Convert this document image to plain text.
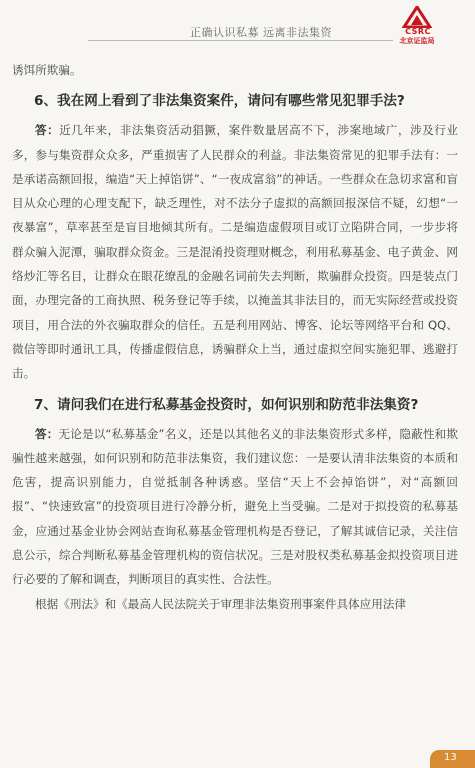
正确认识私募 远离非法集资	CSRC
北京证监局

诱饵所欺骗。

6、我在网上看到了非法集资案件，请问有哪些常见犯罪手法?

答：近几年来，非法集资活动猖獗，案件数量居高不下，涉案地域广，涉及行业多，参与集资群众众多，严重损害了人民群众的利益。非法集资常见的犯罪手法有：一是承诺高额回报，编造“天上掉馅饼”、“一夜成富翁”的神话。一些群众在急切求富和盲目从众心理的心理支配下，缺乏理性，对不法分子虚拟的高额回报深信不疑，幻想“一夜暴富”，草率甚至是盲目地倾其所有。二是编造虚假项目或订立陷阱合同，一步步将群众骗入泥潭，骗取群众资金。三是混淆投资理财概念，利用私募基金、电子黄金、网络炒汇等名目，让群众在眼花缭乱的金融名词前失去判断，欺骗群众投资。四是装点门面，办理完备的工商执照、税务登记等手续，以掩盖其非法目的，而无实际经营或投资项目，用合法的外衣骗取群众的信任。五是利用网站、博客、论坛等网络平台和 QQ、微信等即时通讯工具，传播虚假信息，诱骗群众上当，通过虚拟空间实施犯罪、逃避打击。

7、请问我们在进行私募基金投资时，如何识别和防范非法集资?

答：无论是以“私募基金”名义，还是以其他名义的非法集资形式多样，隐蔽性和欺骗性越来越强，如何识别和防范非法集资，我们建议您：一是要认清非法集资的本质和危害，提高识别能力，自觉抵制各种诱惑。坚信“天上不会掉馅饼”，对“高额回报”、“快速致富”的投资项目进行冷静分析，避免上当受骗。二是对于拟投资的私募基金，应通过基金业协会网站查询私募基金管理机构是否登记，了解其诚信记录，关注信息公示，综合判断私募基金管理机构的资信状况。三是对股权类私募基金拟投资项目进行必要的了解和调查，判断项目的真实性、合法性。

根据《刑法》和《最高人民法院关于审理非法集资刑事案件具体应用法律

13
